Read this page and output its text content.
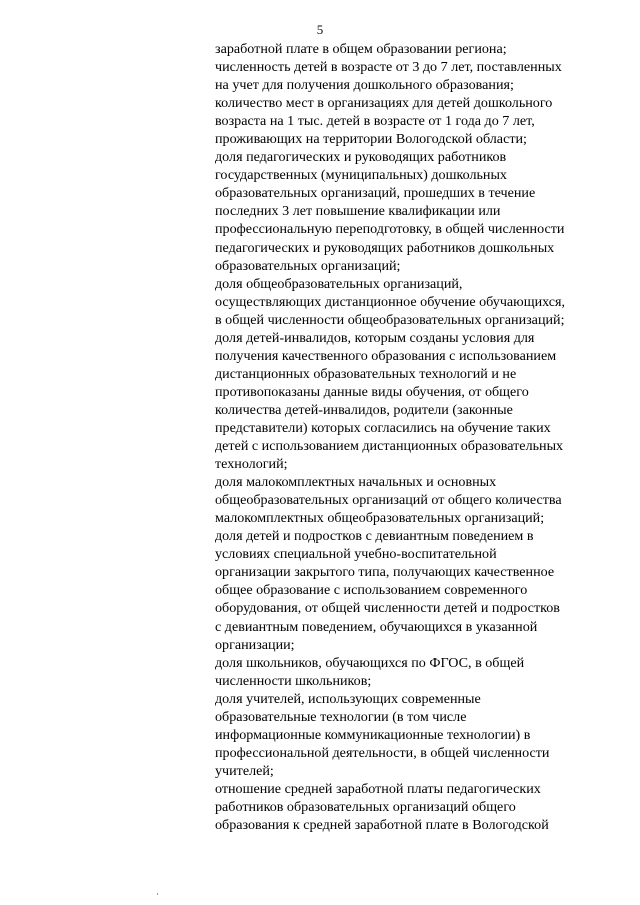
5
заработной плате в общем образовании региона;
численность детей в возрасте от 3 до 7 лет, поставленных
на учет для получения дошкольного образования;
количество мест в организациях для детей дошкольного
возраста на 1 тыс. детей в возрасте от 1 года до 7 лет,
проживающих на территории Вологодской области;
доля педагогических и руководящих работников
государственных (муниципальных) дошкольных
образовательных организаций, прошедших в течение
последних 3 лет повышение квалификации или
профессиональную переподготовку, в общей численности
педагогических и руководящих работников дошкольных
образовательных организаций;
доля общеобразовательных организаций,
осуществляющих дистанционное обучение обучающихся,
в общей численности общеобразовательных организаций;
доля детей-инвалидов, которым созданы условия для
получения качественного образования с использованием
дистанционных образовательных технологий и не
противопоказаны данные виды обучения, от общего
количества детей-инвалидов, родители (законные
представители) которых согласились на обучение таких
детей с использованием дистанционных образовательных
технологий;
доля малокомплектных начальных и основных
общеобразовательных организаций от общего количества
малокомплектных общеобразовательных организаций;
доля детей и подростков с девиантным поведением в
условиях специальной учебно-воспитательной
организации закрытого типа, получающих качественное
общее образование с использованием современного
оборудования, от общей численности детей и подростков
с девиантным поведением, обучающихся в указанной
организации;
доля школьников, обучающихся по ФГОС, в общей
численности школьников;
доля учителей, использующих современные
образовательные технологии (в том числе
информационные коммуникационные технологии) в
профессиональной деятельности, в общей численности
учителей;
отношение средней заработной платы педагогических
работников образовательных организаций общего
образования к средней заработной плате в Вологодской
